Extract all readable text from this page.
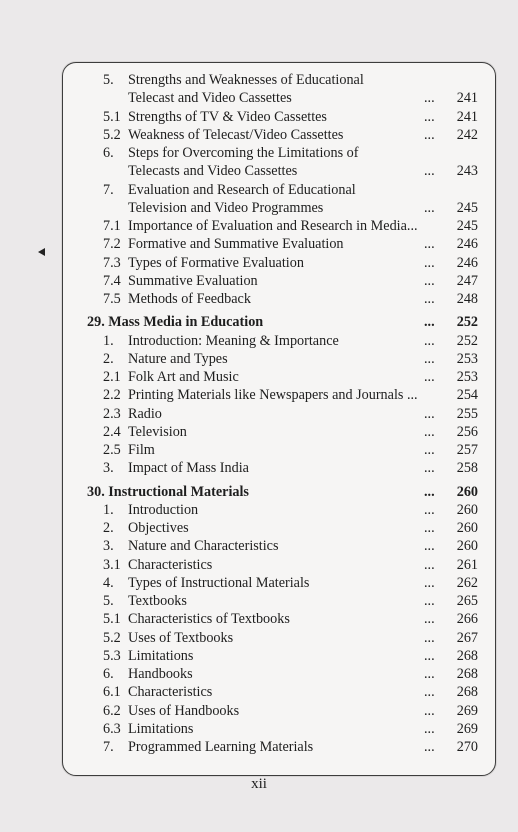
5. Strengths and Weaknesses of Educational
Telecast and Video Cassettes	... 241
5.1 Strengths of TV & Video Cassettes	... 241
5.2 Weakness of Telecast/Video Cassettes	... 242
6. Steps for Overcoming the Limitations of
Telecasts and Video Cassettes	... 243
7. Evaluation and Research of Educational
Television and Video Programmes	... 245
7.1 Importance of Evaluation and Research in Media...	245
7.2 Formative and Summative Evaluation	... 246
7.3 Types of Formative Evaluation	... 246
7.4 Summative Evaluation	... 247
7.5 Methods of Feedback	... 248
29. Mass Media in Education	... 252
1. Introduction: Meaning & Importance	... 252
2. Nature and Types	... 253
2.1 Folk Art and Music	... 253
2.2 Printing Materials like Newspapers and Journals ...	254
2.3 Radio	... 255
2.4 Television	... 256
2.5 Film	... 257
3. Impact of Mass India	... 258
30. Instructional Materials	... 260
1. Introduction	... 260
2. Objectives	... 260
3. Nature and Characteristics	... 260
3.1 Characteristics	... 261
4. Types of Instructional Materials	... 262
5. Textbooks	... 265
5.1 Characteristics of Textbooks	... 266
5.2 Uses of Textbooks	... 267
5.3 Limitations	... 268
6. Handbooks	... 268
6.1 Characteristics	... 268
6.2 Uses of Handbooks	... 269
6.3 Limitations	... 269
7. Programmed Learning Materials	... 270
xii
